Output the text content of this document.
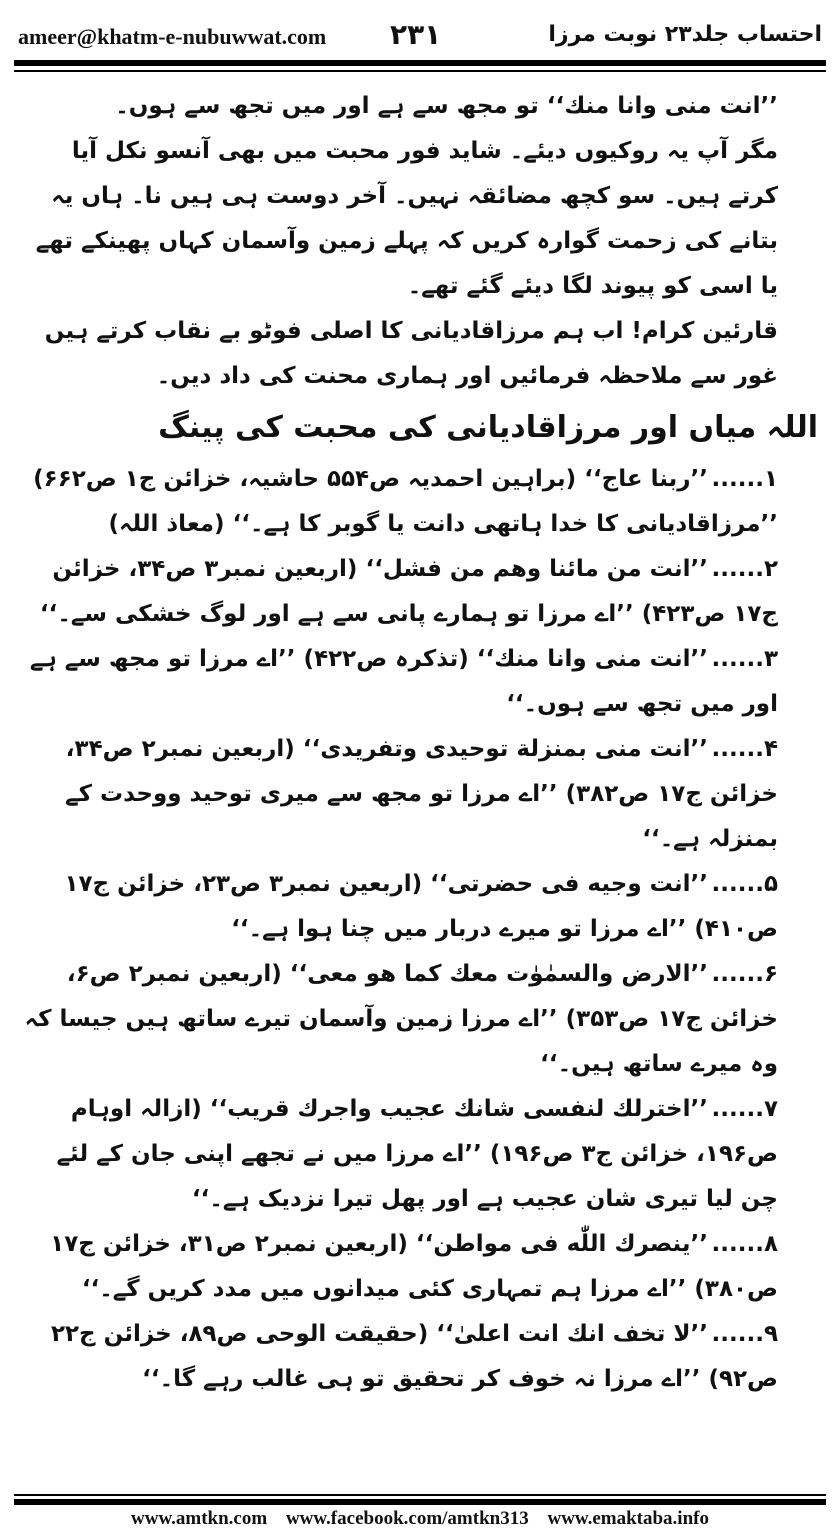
ameer@khatm-e-nubuwwat.com ۲۳۱	احتساب جلد۲۳ نوبت مرزا

’’انت منی وانا منك‘‘ تو مجھ سے ہے اور میں تجھ سے ہوں۔

مگر آپ یہ روکیوں دیئے۔ شاید فور محبت میں بھی آنسو نکل آیا کرتے ہیں۔ سو کچھ مضائقہ نہیں۔ آخر دوست ہی ہیں نا۔ ہاں یہ بتانے کی زحمت گوارہ کریں کہ پہلے زمین وآسمان کہاں پھینکے تھے یا اسی کو پیوند لگا دیئے گئے تھے۔

قارئین کرام! اب ہم مرزاقادیانی کا اصلی فوٹو بے نقاب کرتے ہیں غور سے ملاحظہ فرمائیں اور ہماری محنت کی داد دیں۔

اللہ میاں اور مرزاقادیانی کی محبت کی پینگ

۱......’’ربنا عاج‘‘ (براہین احمدیہ ص۵۵۴ حاشیہ، خزائن ج۱ ص۶۶۲) ’’مرزاقادیانی کا خدا ہاتھی دانت یا گوبر کا ہے۔‘‘ (معاذ اللہ)

۲......’’انت من مائنا وھم من فشل‘‘ (اربعین نمبر۳ ص۳۴، خزائن ج۱۷ ص۴۲۳) ’’اے مرزا تو ہمارے پانی سے ہے اور لوگ خشکی سے۔‘‘

۳......’’انت منی وانا منك‘‘ (تذکرہ ص۴۲۲) ’’اے مرزا تو مجھ سے ہے اور میں تجھ سے ہوں۔‘‘

۴......’’انت منی بمنزلة توحیدی وتفریدی‘‘ (اربعین نمبر۲ ص۳۴، خزائن ج۱۷ ص۳۸۲) ’’اے مرزا تو مجھ سے میری توحید ووحدت کے بمنزلہ ہے۔‘‘

۵......’’انت وجیه فی حضرتی‘‘ (اربعین نمبر۳ ص۲۳، خزائن ج۱۷ ص۴۱۰) ’’اے مرزا تو میرے دربار میں چنا ہوا ہے۔‘‘

۶......’’الارض والسمٰوٰت معك کما ھو معی‘‘ (اربعین نمبر۲ ص۶، خزائن ج۱۷ ص۳۵۳) ’’اے مرزا زمین وآسمان تیرے ساتھ ہیں جیسا کہ وہ میرے ساتھ ہیں۔‘‘

۷......’’اخترلك لنفسی شانك عجیب واجرك قریب‘‘ (ازالہ اوہام ص۱۹۶، خزائن ج۳ ص۱۹۶) ’’اے مرزا میں نے تجھے اپنی جان کے لئے چن لیا تیری شان عجیب ہے اور پھل تیرا نزدیک ہے۔‘‘

۸......’’ینصرك اللّٰه فی مواطن‘‘ (اربعین نمبر۲ ص۳۱، خزائن ج۱۷ ص۳۸۰) ’’اے مرزا ہم تمہاری کئی میدانوں میں مدد کریں گے۔‘‘

۹......’’لا تخف انك انت اعلیٰ‘‘ (حقیقت الوحی ص۸۹، خزائن ج۲۲ ص۹۲) ’’اے مرزا نہ خوف کر تحقیق تو ہی غالب رہے گا۔‘‘

www.amtkn.com www.facebook.com/amtkn313 www.emaktaba.info
